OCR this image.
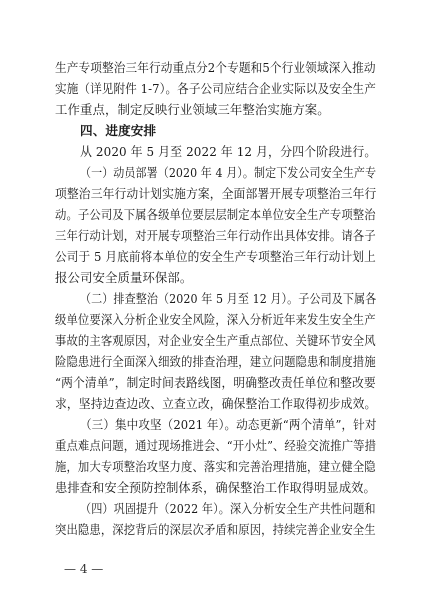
生产专项整治三年行动重点分2个专题和5个行业领域深入推动
实施（详见附件 1-7）。各子公司应结合企业实际以及安全生产
工作重点，制定反映行业领域三年整治实施方案。
四、进度安排
从 2020 年 5 月至 2022 年 12 月，分四个阶段进行。
（一）动员部署（2020 年 4 月）。制定下发公司安全生产专
项整治三年行动计划实施方案，全面部署开展专项整治三年行
动。子公司及下属各级单位要层层制定本单位安全生产专项整治
三年行动计划，对开展专项整治三年行动作出具体安排。请各子
公司于 5 月底前将本单位的安全生产专项整治三年行动计划上
报公司安全质量环保部。
（二）排查整治（2020 年 5 月至 12 月）。子公司及下属各
级单位要深入分析企业安全风险，深入分析近年来发生安全生产
事故的主客观原因，对企业安全生产重点部位、关键环节安全风
险隐患进行全面深入细致的排查治理，建立问题隐患和制度措施
“两个清单”，制定时间表路线图，明确整改责任单位和整改要
求，坚持边查边改、立查立改，确保整治工作取得初步成效。
（三）集中攻坚（2021 年）。动态更新“两个清单”，针对
重点难点问题，通过现场推进会、“开小灶”、经验交流推广等措
施，加大专项整治攻坚力度、落实和完善治理措施，建立健全隐
患排查和安全预防控制体系，确保整治工作取得明显成效。
（四）巩固提升（2022 年）。深入分析安全生产共性问题和
突出隐患，深挖背后的深层次矛盾和原因，持续完善企业安全生
— 4 —
